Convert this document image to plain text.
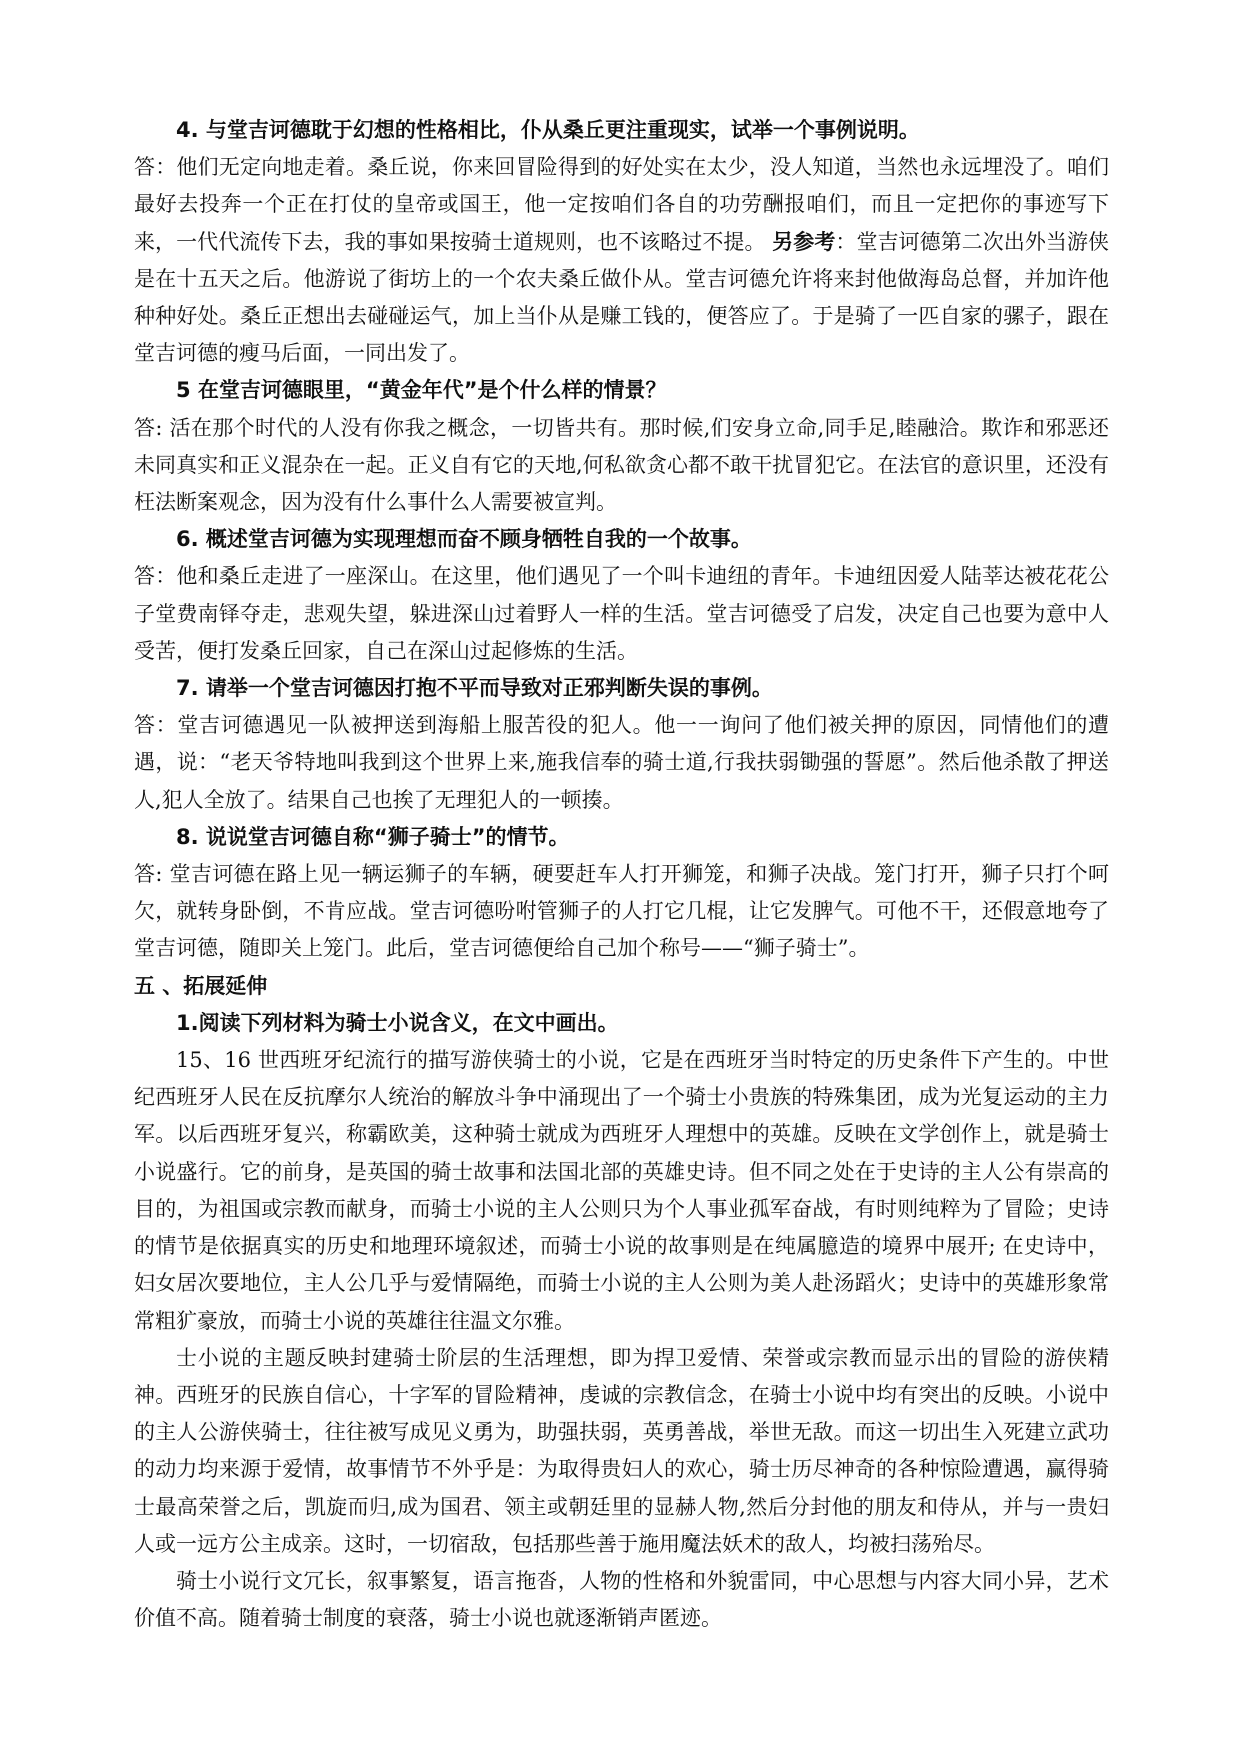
4. 与堂吉诃德耽于幻想的性格相比，仆从桑丘更注重现实，试举一个事例说明。

答：他们无定向地走着。桑丘说，你来回冒险得到的好处实在太少，没人知道，当然也永远埋没了。咱们最好去投奔一个正在打仗的皇帝或国王，他一定按咱们各自的功劳酬报咱们，而且一定把你的事迹写下来，一代代流传下去，我的事如果按骑士道规则，也不该略过不提。 另参考：堂吉诃德第二次出外当游侠是在十五天之后。他游说了街坊上的一个农夫桑丘做仆从。堂吉诃德允许将来封他做海岛总督，并加许他种种好处。桑丘正想出去碰碰运气，加上当仆从是赚工钱的，便答应了。于是骑了一匹自家的骡子，跟在堂吉诃德的瘦马后面，一同出发了。

5 在堂吉诃德眼里，“黄金年代”是个什么样的情景？

答: 活在那个时代的人没有你我之概念，一切皆共有。那时候,们安身立命,同手足,睦融洽。欺诈和邪恶还未同真实和正义混杂在一起。正义自有它的天地,何私欲贪心都不敢干扰冒犯它。在法官的意识里，还没有枉法断案观念，因为没有什么事什么人需要被宣判。

6. 概述堂吉诃德为实现理想而奋不顾身牺牲自我的一个故事。

答：他和桑丘走进了一座深山。在这里，他们遇见了一个叫卡迪纽的青年。卡迪纽因爱人陆莘达被花花公子堂费南铎夺走，悲观失望，躲进深山过着野人一样的生活。堂吉诃德受了启发，决定自己也要为意中人受苦，便打发桑丘回家，自己在深山过起修炼的生活。

7. 请举一个堂吉诃德因打抱不平而导致对正邪判断失误的事例。

答：堂吉诃德遇见一队被押送到海船上服苦役的犯人。他一一询问了他们被关押的原因，同情他们的遭遇，说：“老天爷特地叫我到这个世界上来,施我信奉的骑士道,行我扶弱锄强的誓愿”。然后他杀散了押送人,犯人全放了。结果自己也挨了无理犯人的一顿揍。

8. 说说堂吉诃德自称“狮子骑士”的情节。

答: 堂吉诃德在路上见一辆运狮子的车辆，硬要赶车人打开狮笼，和狮子决战。笼门打开，狮子只打个呵欠，就转身卧倒，不肯应战。堂吉诃德吩咐管狮子的人打它几棍，让它发脾气。可他不干，还假意地夸了堂吉诃德，随即关上笼门。此后，堂吉诃德便给自己加个称号——“狮子骑士”。

五 、拓展延伸

1.阅读下列材料为骑士小说含义，在文中画出。

15、16 世西班牙纪流行的描写游侠骑士的小说，它是在西班牙当时特定的历史条件下产生的。中世纪西班牙人民在反抗摩尔人统治的解放斗争中涌现出了一个骑士小贵族的特殊集团，成为光复运动的主力军。以后西班牙复兴，称霸欧美，这种骑士就成为西班牙人理想中的英雄。反映在文学创作上，就是骑士小说盛行。它的前身，是英国的骑士故事和法国北部的英雄史诗。但不同之处在于史诗的主人公有崇高的目的，为祖国或宗教而献身，而骑士小说的主人公则只为个人事业孤军奋战，有时则纯粹为了冒险；史诗的情节是依据真实的历史和地理环境叙述，而骑士小说的故事则是在纯属臆造的境界中展开; 在史诗中，妇女居次要地位，主人公几乎与爱情隔绝，而骑士小说的主人公则为美人赴汤蹈火；史诗中的英雄形象常常粗犷豪放，而骑士小说的英雄往往温文尔雅。

士小说的主题反映封建骑士阶层的生活理想，即为捍卫爱情、荣誉或宗教而显示出的冒险的游侠精神。西班牙的民族自信心，十字军的冒险精神，虔诚的宗教信念，在骑士小说中均有突出的反映。小说中的主人公游侠骑士，往往被写成见义勇为，助强扶弱，英勇善战，举世无敌。而这一切出生入死建立武功的动力均来源于爱情，故事情节不外乎是：为取得贵妇人的欢心，骑士历尽神奇的各种惊险遭遇，赢得骑士最高荣誉之后，凯旋而归,成为国君、领主或朝廷里的显赫人物,然后分封他的朋友和侍从，并与一贵妇人或一远方公主成亲。这时，一切宿敌，包括那些善于施用魔法妖术的敌人，均被扫荡殆尽。

骑士小说行文冗长，叙事繁复，语言拖沓，人物的性格和外貌雷同，中心思想与内容大同小异，艺术价值不高。随着骑士制度的衰落，骑士小说也就逐渐销声匿迹。
